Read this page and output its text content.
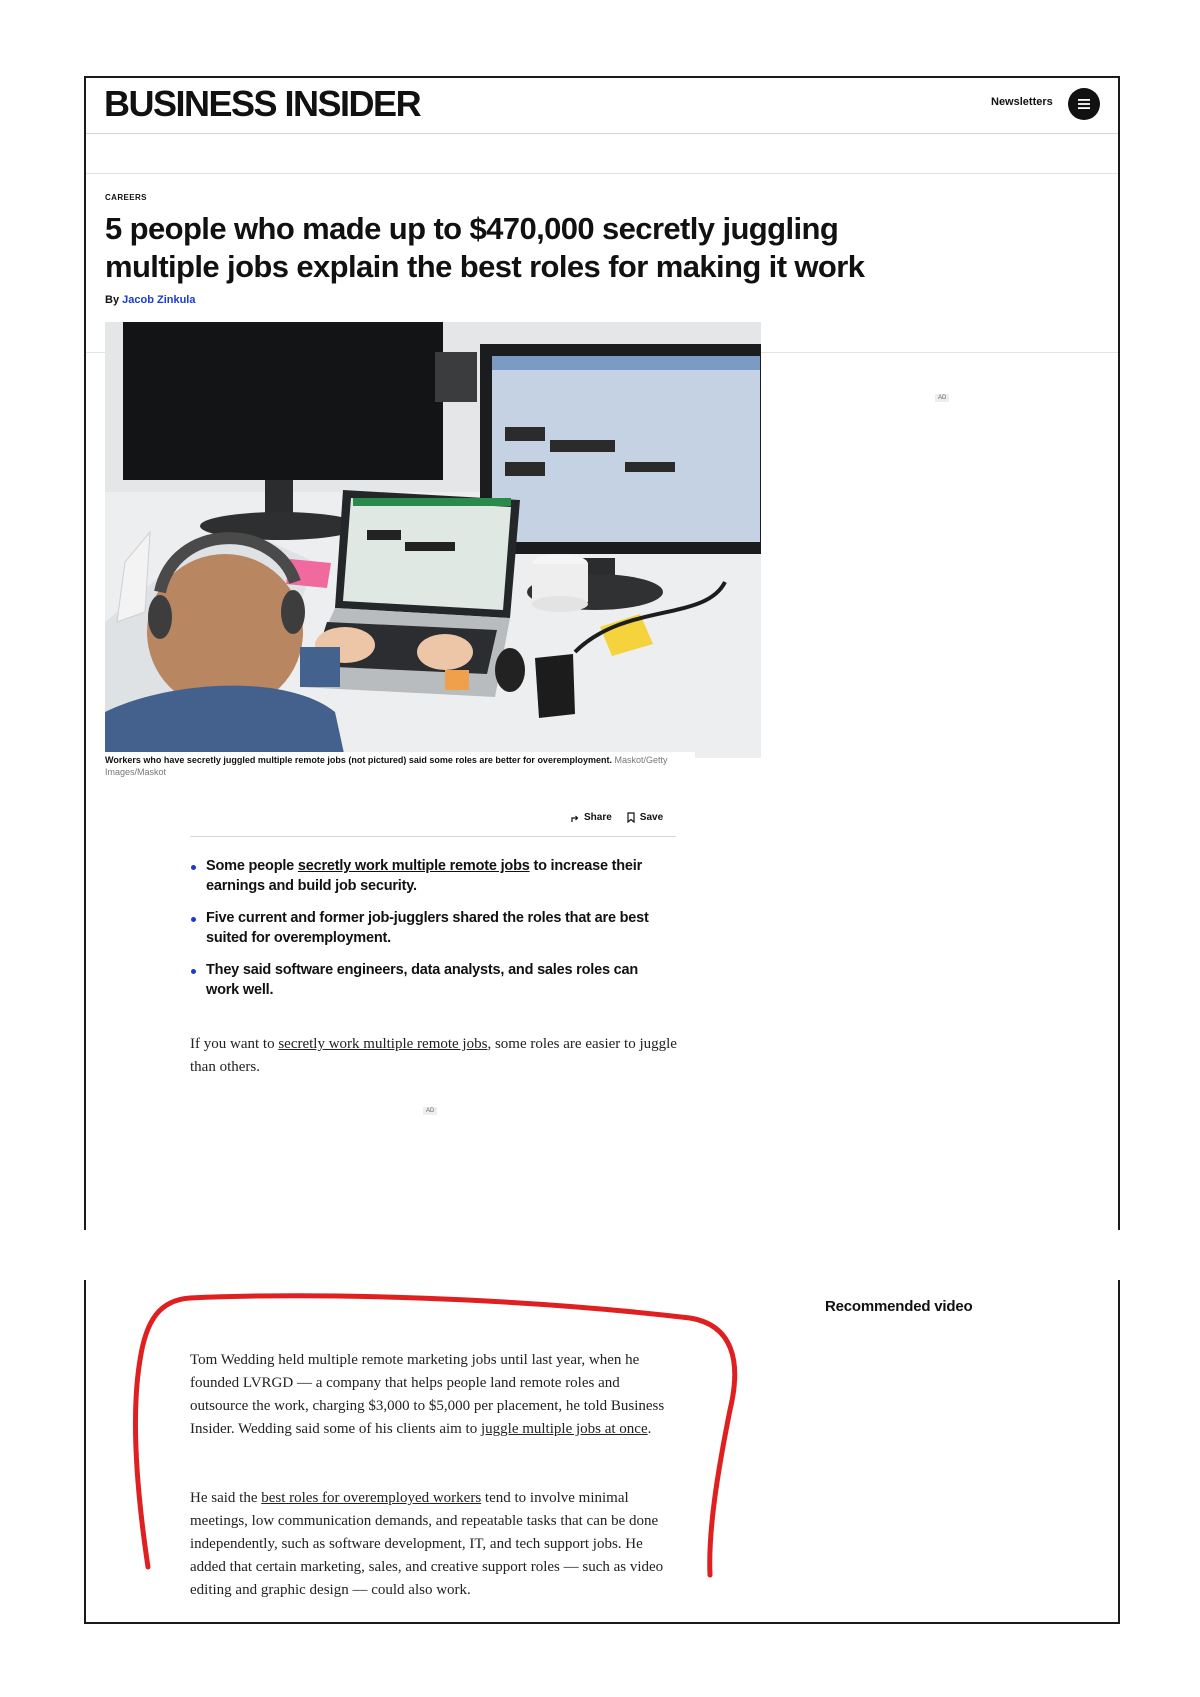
BUSINESS INSIDER	Newsletters
CAREERS
5 people who made up to $470,000 secretly juggling multiple jobs explain the best roles for making it work
By Jacob Zinkula
Workers who have secretly juggled multiple remote jobs (not pictured) said some roles are better for overemployment. Maskot/Getty Images/Maskot
AD
Share	Save
Some people secretly work multiple remote jobs to increase their earnings and build job security.
Five current and former job-jugglers shared the roles that are best suited for overemployment.
They said software engineers, data analysts, and sales roles can work well.

If you want to secretly work multiple remote jobs, some roles are easier to juggle than others.

AD
Recommended video

Tom Wedding held multiple remote marketing jobs until last year, when he founded LVRGD — a company that helps people land remote roles and outsource the work, charging $3,000 to $5,000 per placement, he told Business Insider. Wedding said some of his clients aim to juggle multiple jobs at once.

He said the best roles for overemployed workers tend to involve minimal meetings, low communication demands, and repeatable tasks that can be done independently, such as software development, IT, and tech support jobs. He added that certain marketing, sales, and creative support roles — such as video editing and graphic design — could also work.
